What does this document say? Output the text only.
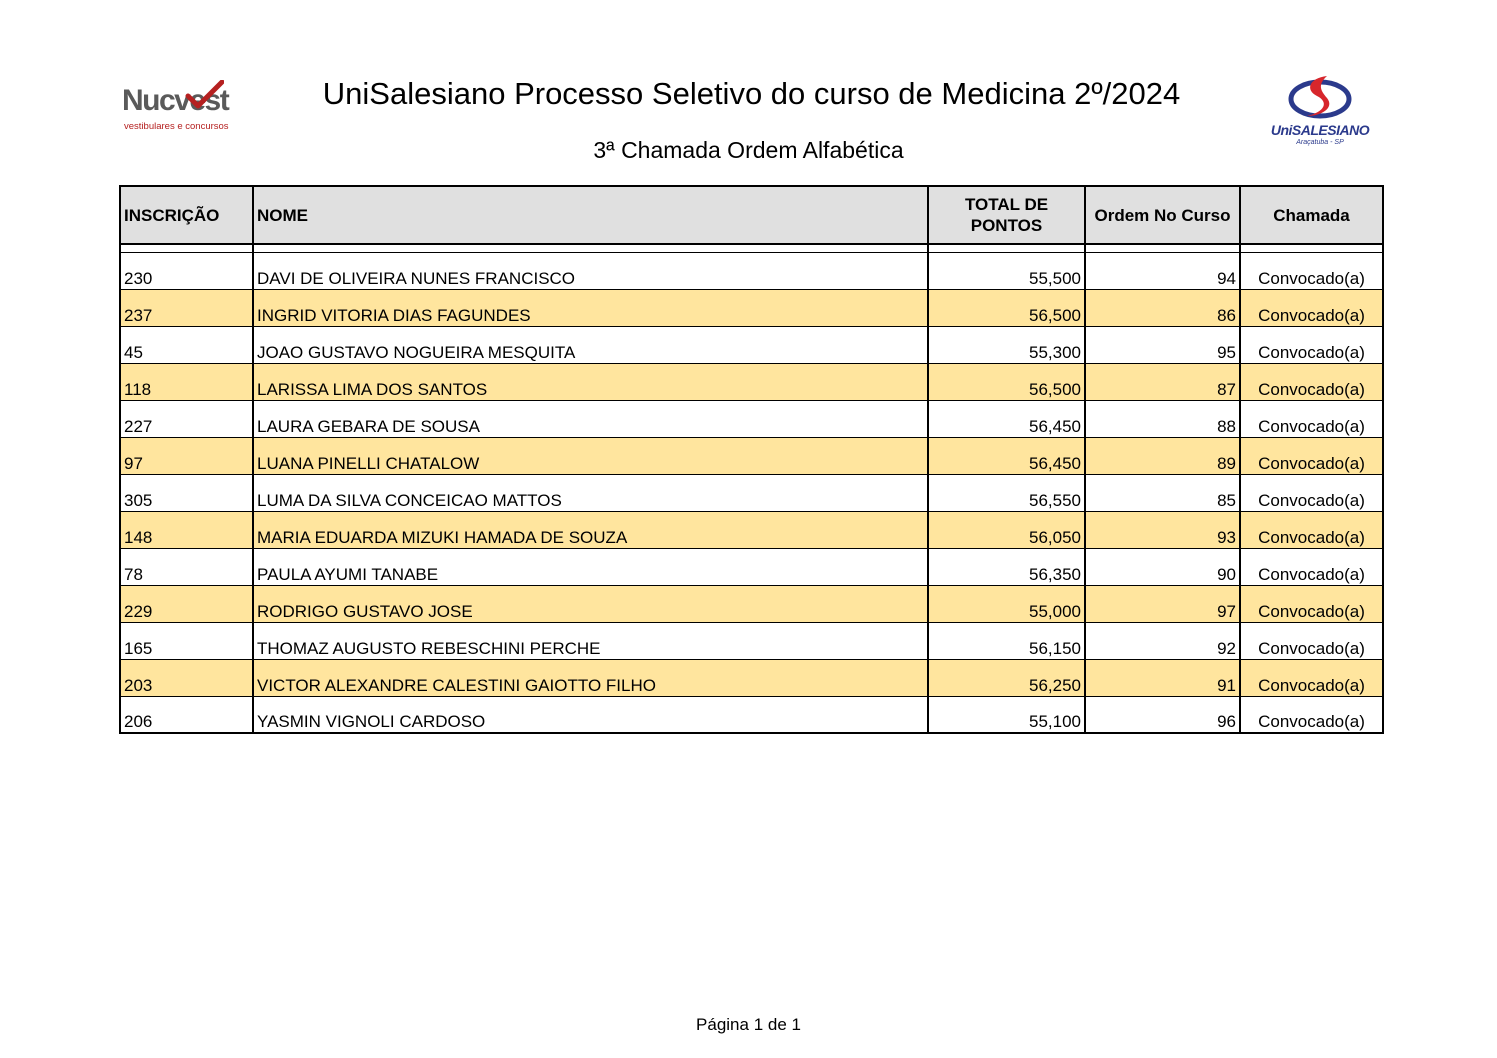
Nucvest
vestibulares e concursos
UniSalesiano Processo Seletivo do curso de Medicina 2º/2024
3ª Chamada Ordem Alfabética
UniSALESIANO
Araçatuba - SP
INSCRIÇÃO	NOME	TOTAL DE PONTOS	Ordem No Curso	Chamada

230	DAVI DE OLIVEIRA NUNES FRANCISCO	55,500	94	Convocado(a)
237	INGRID VITORIA DIAS FAGUNDES	56,500	86	Convocado(a)
45	JOAO GUSTAVO NOGUEIRA MESQUITA	55,300	95	Convocado(a)
118	LARISSA LIMA DOS SANTOS	56,500	87	Convocado(a)
227	LAURA GEBARA DE SOUSA	56,450	88	Convocado(a)
97	LUANA PINELLI CHATALOW	56,450	89	Convocado(a)
305	LUMA DA SILVA CONCEICAO MATTOS	56,550	85	Convocado(a)
148	MARIA EDUARDA MIZUKI HAMADA DE SOUZA	56,050	93	Convocado(a)
78	PAULA AYUMI TANABE	56,350	90	Convocado(a)
229	RODRIGO GUSTAVO JOSE	55,000	97	Convocado(a)
165	THOMAZ AUGUSTO REBESCHINI PERCHE	56,150	92	Convocado(a)
203	VICTOR ALEXANDRE CALESTINI GAIOTTO FILHO	56,250	91	Convocado(a)
206	YASMIN VIGNOLI CARDOSO	55,100	96	Convocado(a)
Página 1 de 1
